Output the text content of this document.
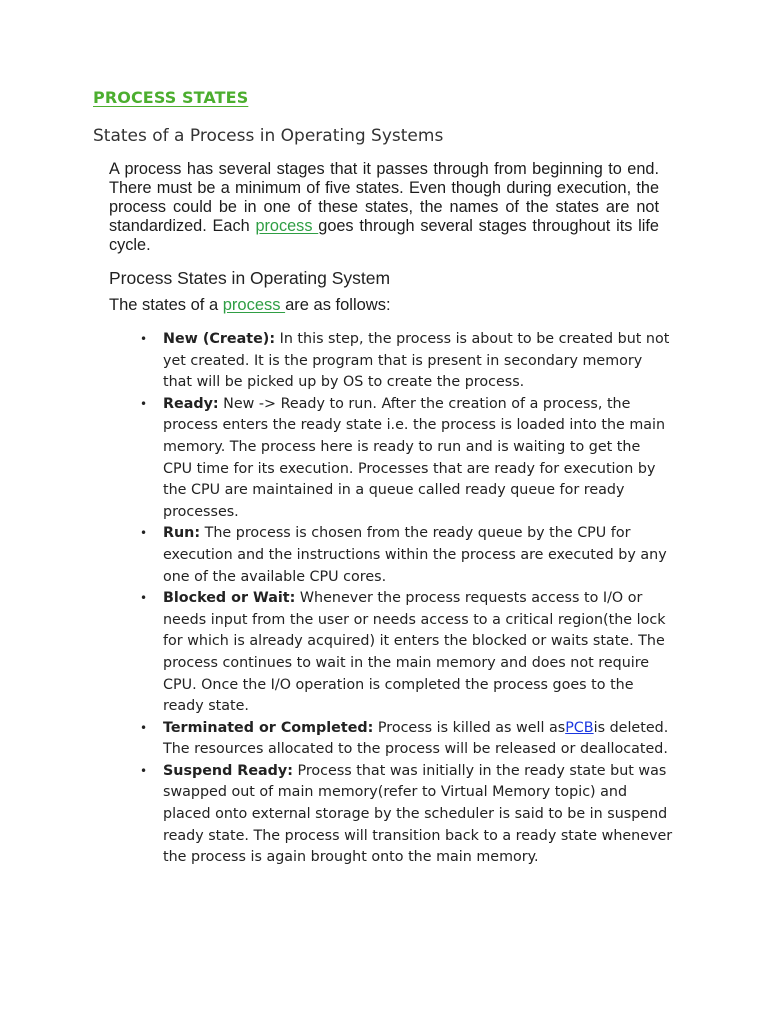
PROCESS STATES
States of a Process in Operating Systems

A process has several stages that it passes through from beginning to end. There must be a minimum of five states. Even though during execution, the process could be in one of these states, the names of the states are not standardized. Each process goes through several stages throughout its life cycle.

Process States in Operating System

The states of a process are as follows:

• New (Create): In this step, the process is about to be created but not yet created. It is the program that is present in secondary memory that will be picked up by OS to create the process.
• Ready: New -> Ready to run. After the creation of a process, the process enters the ready state i.e. the process is loaded into the main memory. The process here is ready to run and is waiting to get the CPU time for its execution. Processes that are ready for execution by the CPU are maintained in a queue called ready queue for ready processes.
• Run: The process is chosen from the ready queue by the CPU for execution and the instructions within the process are executed by any one of the available CPU cores.
• Blocked or Wait: Whenever the process requests access to I/O or needs input from the user or needs access to a critical region(the lock for which is already acquired) it enters the blocked or waits state. The process continues to wait in the main memory and does not require CPU. Once the I/O operation is completed the process goes to the ready state.
• Terminated or Completed: Process is killed as well asPCBis deleted. The resources allocated to the process will be released or deallocated.
• Suspend Ready: Process that was initially in the ready state but was swapped out of main memory(refer to Virtual Memory topic) and placed onto external storage by the scheduler is said to be in suspend ready state. The process will transition back to a ready state whenever the process is again brought onto the main memory.
